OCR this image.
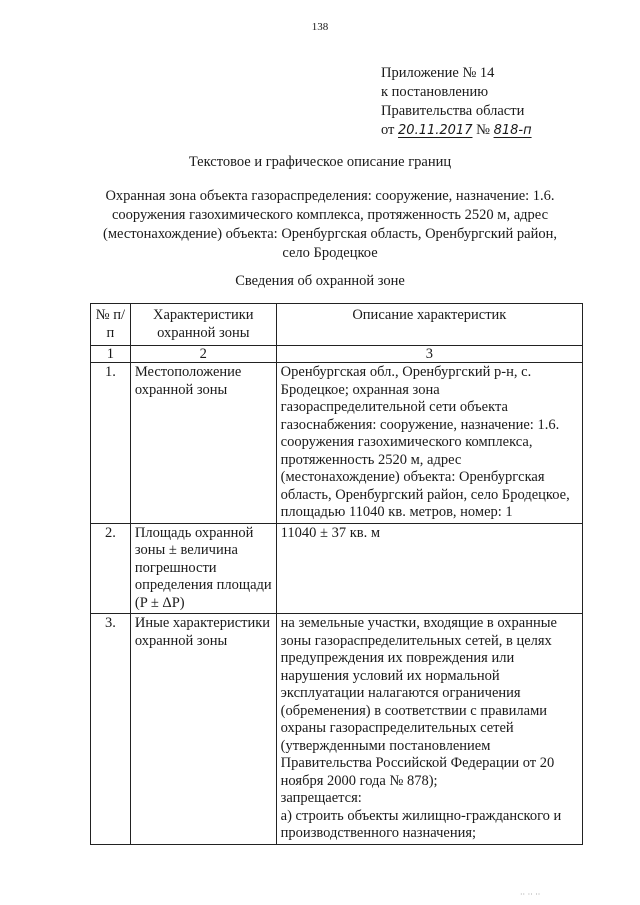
138
Приложение № 14
к постановлению
Правительства области
от 20.11.2017 № 818-п
Текстовое и графическое описание границ
Охранная зона объекта газораспределения: сооружение, назначение: 1.6. сооружения газохимического комплекса, протяженность 2520 м, адрес (местонахождение) объекта: Оренбургская область, Оренбургский район, село Бродецкое
Сведения об охранной зоне
№ п/п	Характеристики охранной зоны	Описание характеристик
1	2	3
1.	Местоположение охранной зоны	Оренбургская обл., Оренбургский р-н, с. Бродецкое; охранная зона газораспределительной сети объекта газоснабжения: сооружение, назначение: 1.6. сооружения газохимического комплекса, протяженность 2520 м, адрес (местонахождение) объекта: Оренбургская область, Оренбургский район, село Бродецкое, площадью 11040 кв. метров, номер: 1
2.	Площадь охранной зоны ± величина погрешности определения площади (P ± ΔP)	11040 ± 37 кв. м
3.	Иные характеристики охранной зоны	на земельные участки, входящие в охранные зоны газораспределительных сетей, в целях предупреждения их повреждения или нарушения условий их нормальной эксплуатации налагаются ограничения (обременения) в соответствии с правилами охраны газораспределительных сетей (утвержденными постановлением Правительства Российской Федерации от 20 ноября 2000 года № 878);
запрещается:
а) строить объекты жилищно-гражданского и производственного назначения;
·· ·· ··
